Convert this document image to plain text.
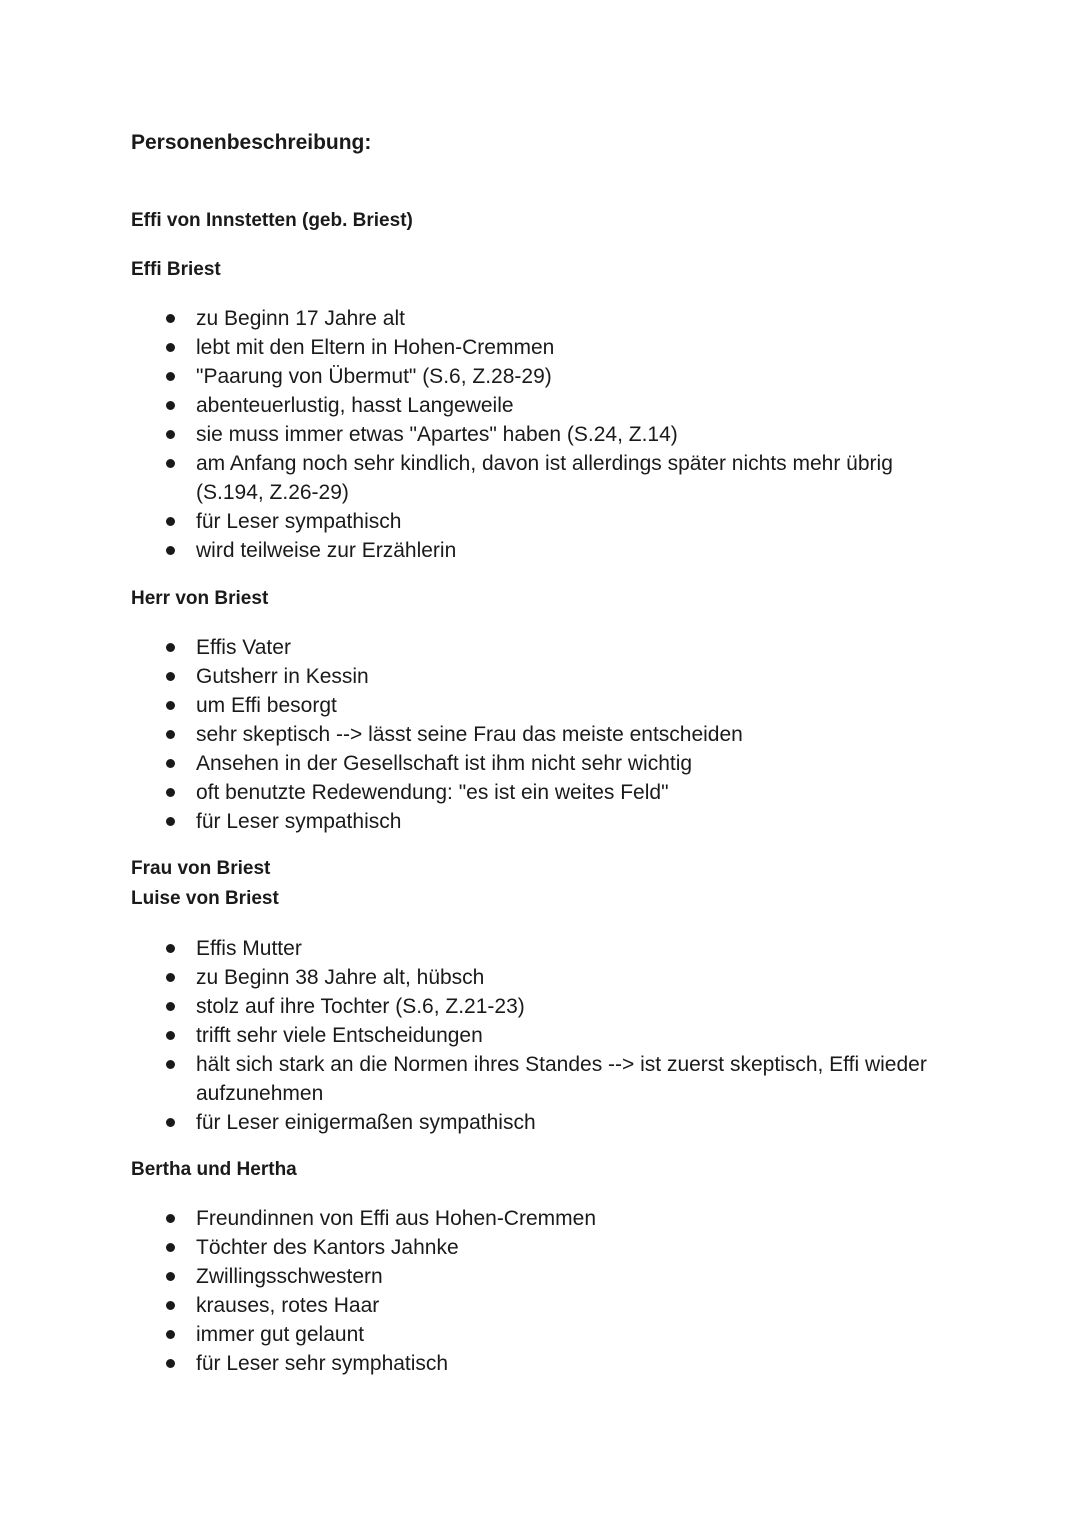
Personenbeschreibung:
Effi von Innstetten (geb. Briest)
Effi Briest
zu Beginn 17 Jahre alt
lebt mit den Eltern in Hohen-Cremmen
"Paarung von Übermut" (S.6, Z.28-29)
abenteuerlustig, hasst Langeweile
sie muss immer etwas "Apartes" haben (S.24, Z.14)
am Anfang noch sehr kindlich, davon ist allerdings später nichts mehr übrig (S.194, Z.26-29)
für Leser sympathisch
wird teilweise zur Erzählerin
Herr von Briest
Effis Vater
Gutsherr in Kessin
um Effi besorgt
sehr skeptisch --> lässt seine Frau das meiste entscheiden
Ansehen in der Gesellschaft ist ihm nicht sehr wichtig
oft benutzte Redewendung: "es ist ein weites Feld"
für Leser sympathisch
Frau von Briest
Luise von Briest
Effis Mutter
zu Beginn 38 Jahre alt, hübsch
stolz auf ihre Tochter (S.6, Z.21-23)
trifft sehr viele Entscheidungen
hält sich stark an die Normen ihres Standes --> ist zuerst skeptisch, Effi wieder aufzunehmen
für Leser einigermaßen sympathisch
Bertha und Hertha
Freundinnen von Effi aus Hohen-Cremmen
Töchter des Kantors Jahnke
Zwillingsschwestern
krauses, rotes Haar
immer gut gelaunt
für Leser sehr symphatisch
